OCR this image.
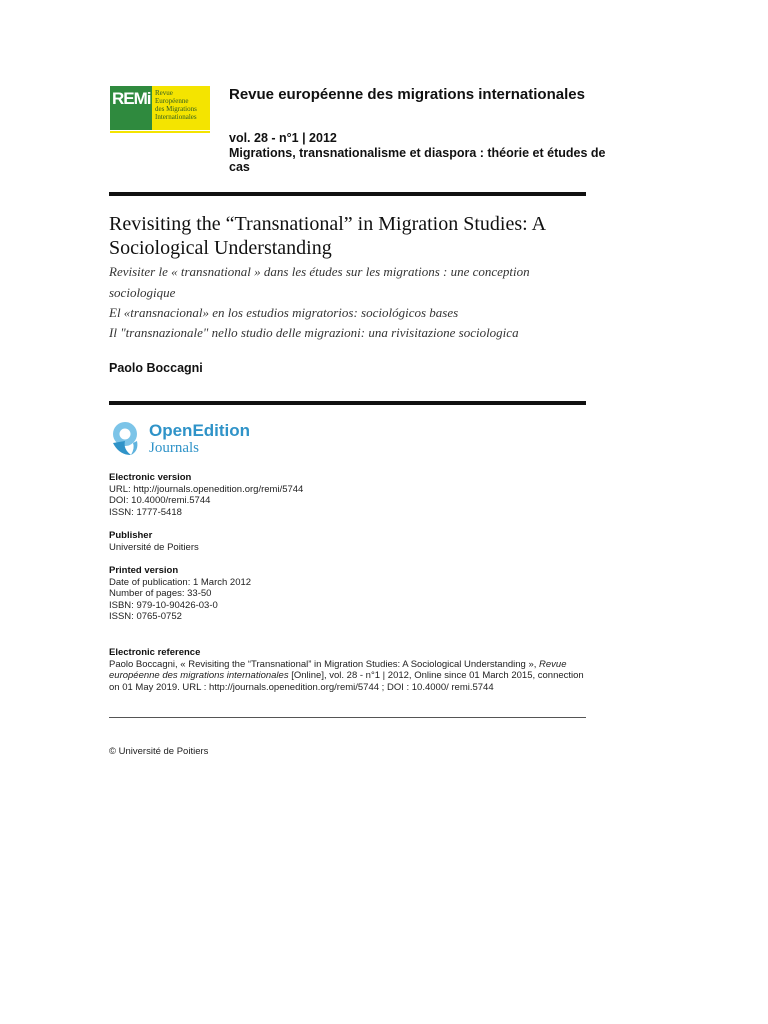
REMi Revue
Européenne
des Migrations
Internationales
Revue européenne des migrations internationales
vol. 28 - n°1 | 2012
Migrations, transnationalisme et diaspora : théorie et études de cas
Revisiting the “Transnational” in Migration Studies: A Sociological Understanding
Revisiter le « transnational » dans les études sur les migrations : une conception sociologique
El «transnacional» en los estudios migratorios: sociológicos bases
Il "transnazionale" nello studio delle migrazioni: una rivisitazione sociologica
Paolo Boccagni
OpenEdition
Journals
Electronic version
URL: http://journals.openedition.org/remi/5744
DOI: 10.4000/remi.5744
ISSN: 1777-5418
Publisher
Université de Poitiers
Printed version
Date of publication: 1 March 2012
Number of pages: 33-50
ISBN: 979-10-90426-03-0
ISSN: 0765-0752
Electronic reference
Paolo Boccagni, « Revisiting the “Transnational” in Migration Studies: A Sociological Understanding », Revue européenne des migrations internationales [Online], vol. 28 - n°1 | 2012, Online since 01 March 2015, connection on 01 May 2019. URL : http://journals.openedition.org/remi/5744 ; DOI : 10.4000/ remi.5744
© Université de Poitiers
